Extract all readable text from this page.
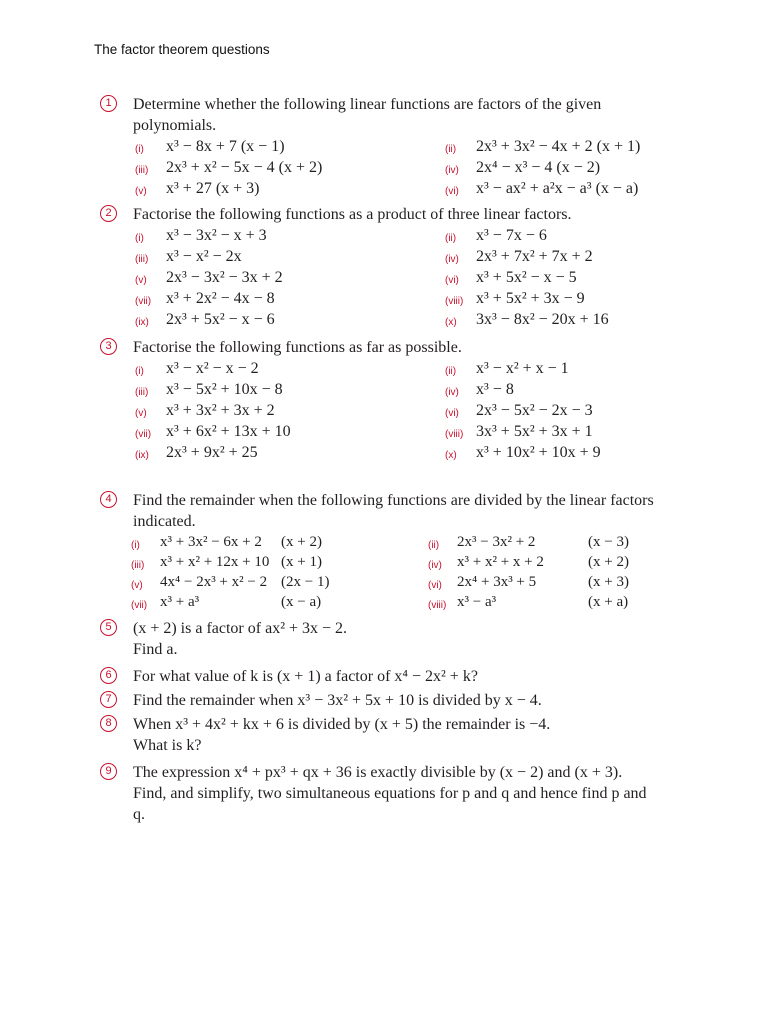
The factor theorem questions
1	Determine whether the following linear functions are factors of the given polynomials.
(i)	x³ − 8x + 7 (x − 1)	(ii)	2x³ + 3x² − 4x + 2 (x + 1)
(iii)	2x³ + x² − 5x − 4 (x + 2)	(iv)	2x⁴ − x³ − 4 (x − 2)
(v)	x³ + 27 (x + 3)	(vi)	x³ − ax² + a²x − a³ (x − a)
2	Factorise the following functions as a product of three linear factors.
(i)	x³ − 3x² − x + 3	(ii)	x³ − 7x − 6
(iii)	x³ − x² − 2x	(iv)	2x³ + 7x² + 7x + 2
(v)	2x³ − 3x² − 3x + 2	(vi)	x³ + 5x² − x − 5
(vii) x³ + 2x² − 4x − 8	(viii) x³ + 5x² + 3x − 9
(ix)	2x³ + 5x² − x − 6	(x)	3x³ − 8x² − 20x + 16
3	Factorise the following functions as far as possible.
(i)	x³ − x² − x − 2	(ii)	x³ − x² + x − 1
(iii)	x³ − 5x² + 10x − 8	(iv)	x³ − 8
(v)	x³ + 3x² + 3x + 2	(vi)	2x³ − 5x² − 2x − 3
(vii) x³ + 6x² + 13x + 10	(viii) 3x³ + 5x² + 3x + 1
(ix)	2x³ + 9x² + 25	(x)	x³ + 10x² + 10x + 9
4	Find the remainder when the following functions are divided by the linear factors indicated.
(i)	x³ + 3x² − 6x + 2 (x + 2)	(ii)	2x³ − 3x² + 2	(x − 3)
(iii)	x³ + x² + 12x + 10 (x + 1)	(iv)	x³ + x² + x + 2	(x + 2)
(v)	4x⁴ − 2x³ + x² − 2 (2x − 1)	(vi)	2x⁴ + 3x³ + 5	(x + 3)
(vii) x³ + a³	(x − a)	(viii) x³ − a³	(x + a)
5	(x + 2) is a factor of ax² + 3x − 2.
Find a.
6	For what value of k is (x + 1) a factor of x⁴ − 2x² + k?
7	Find the remainder when x³ − 3x² + 5x + 10 is divided by x − 4.
8	When x³ + 4x² + kx + 6 is divided by (x + 5) the remainder is −4.
What is k?
9	The expression x⁴ + px³ + qx + 36 is exactly divisible by (x − 2) and (x + 3).
Find, and simplify, two simultaneous equations for p and q and hence find p and q.
